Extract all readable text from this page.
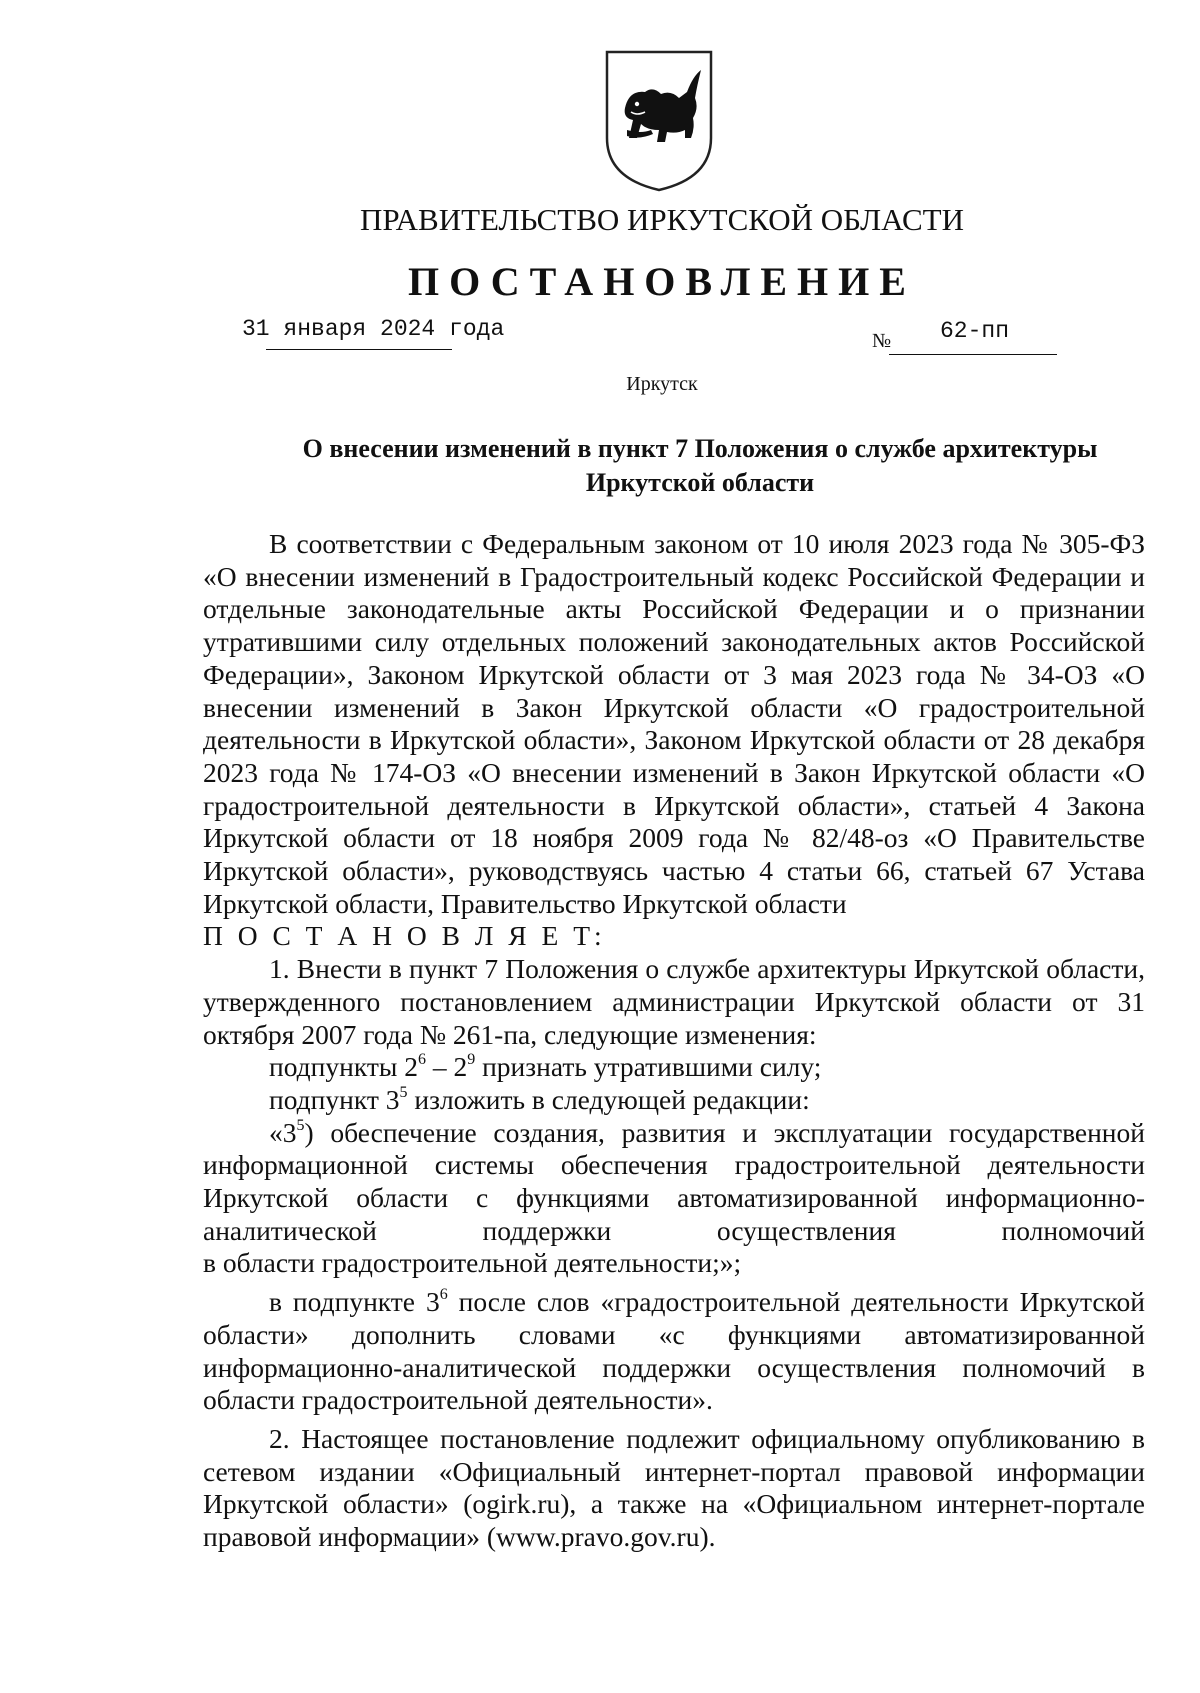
ПРАВИТЕЛЬСТВО ИРКУТСКОЙ ОБЛАСТИ
ПОСТАНОВЛЕНИЕ
31 января 2024 года	№ 62-пп
Иркутск
О внесении изменений в пункт 7 Положения о службе архитектуры
Иркутской области

В соответствии с Федеральным законом от 10 июля 2023 года № 305-ФЗ «О внесении изменений в Градостроительный кодекс Российской Федерации и отдельные законодательные акты Российской Федерации и о признании утратившими силу отдельных положений законодательных актов Российской Федерации», Законом Иркутской области от 3 мая 2023 года № 34-ОЗ «О внесении изменений в Закон Иркутской области «О градостроительной деятельности в Иркутской области», Законом Иркутской области от 28 декабря 2023 года № 174-ОЗ «О внесении изменений в Закон Иркутской области «О градостроительной деятельности в Иркутской области», статьей 4 Закона Иркутской области от 18 ноября 2009 года № 82/48-оз «О Правительстве Иркутской области», руководствуясь частью 4 статьи 66, статьей 67 Устава Иркутской области, Правительство Иркутской области

П О С Т А Н О В Л Я Е Т:

1. Внести в пункт 7 Положения о службе архитектуры Иркутской области, утвержденного постановлением администрации Иркутской области от 31 октября 2007 года № 261-па, следующие изменения:

подпункты $2^6 - 2^9$ признать утратившими силу;

подпункт $3^5$ изложить в следующей редакции:

«$3^5$) обеспечение создания, развития и эксплуатации государственной
информационной системы обеспечения градостроительной деятельности
Иркутской области с функциями автоматизированной информационно-
аналитической поддержки осуществления полномочий
в области градостроительной деятельности;»;

в подпункте $3^6$ после слов «градостроительной деятельности Иркутской области» дополнить словами «с функциями автоматизированной информационно-аналитической поддержки осуществления полномочий в области градостроительной деятельности».

2. Настоящее постановление подлежит официальному опубликованию в сетевом издании «Официальный интернет-портал правовой информации Иркутской области» (ogirk.ru), а также на «Официальном интернет-портале правовой информации» (www.pravo.gov.ru).
